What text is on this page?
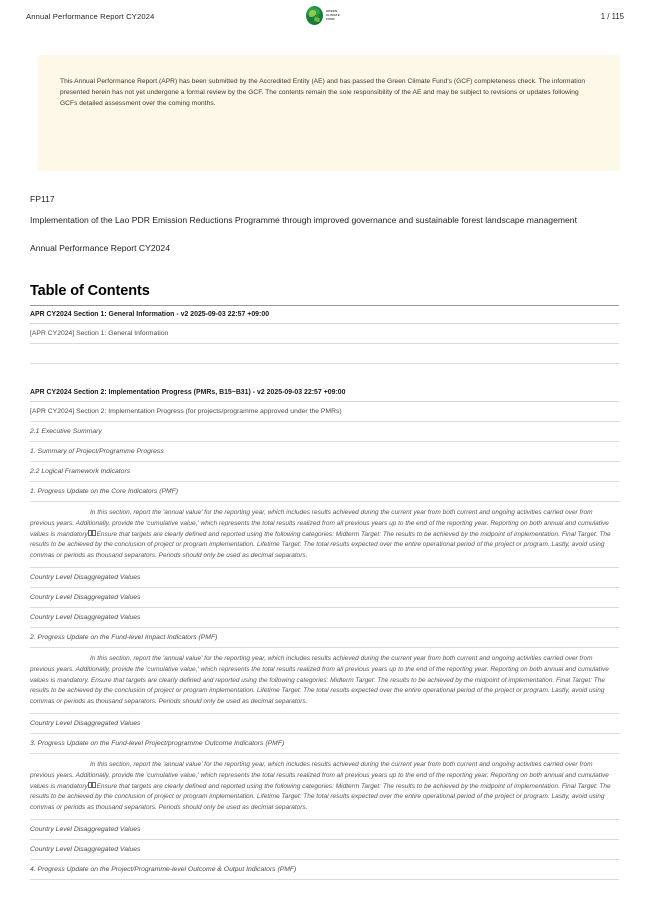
Annual Performance Report CY2024
GREEN
CLIMATE
FUND	1 / 115
This Annual Performance Report (APR) has been submitted by the Accredited Entity (AE) and has passed the Green Climate Fund's (GCF) completeness check. The information presented herein has not yet undergone a formal review by the GCF. The contents remain the sole responsibility of the AE and may be subject to revisions or updates following GCFs detailed assessment over the coming months.
FP117
Implementation of the Lao PDR Emission Reductions Programme through improved governance and sustainable forest landscape management
Annual Performance Report CY2024
Table of Contents
APR CY2024 Section 1: General Information - v2 2025-09-03 22:57 +09:00
[APR CY2024] Section 1: General Information
APR CY2024 Section 2: Implementation Progress (PMRs, B15~B31) - v2 2025-09-03 22:57 +09:00
[APR CY2024] Section 2: Implementation Progress (for projects/programme approved under the PMRs)
2.1 Executive Summary
1. Summary of Project/Programme Progress
2.2 Logical Framework Indicators
1. Progress Update on the Core Indicators (PMF)
In this section, report the 'annual value' for the reporting year, which includes results achieved during the current year from both current and ongoing activities carried over from previous years. Additionally, provide the 'cumulative value,' which represents the total results realized from all previous years up to the end of the reporting year. Reporting on both annual and cumulative values is mandatory Ensure that targets are clearly defined and reported using the following categories: Midterm Target: The results to be achieved by the midpoint of implementation. Final Target: The results to be achieved by the conclusion of project or program implementation. Lifetime Target: The total results expected over the entire operational period of the project or program. Lastly, avoid using commas or periods as thousand separators. Periods should only be used as decimal separators.
Country Level Disaggregated Values
Country Level Disaggregated Values
Country Level Disaggregated Values
2. Progress Update on the Fund-level Impact Indicators (PMF)
In this section, report the 'annual value' for the reporting year, which includes results achieved during the current year from both current and ongoing activities carried over from previous years. Additionally, provide the 'cumulative value,' which represents the total results realized from all previous years up to the end of the reporting year. Reporting on both annual and cumulative values is mandatory. Ensure that targets are clearly defined and reported using the following categories: Midterm Target: The results to be achieved by the midpoint of implementation. Final Target: The results to be achieved by the conclusion of project or program implementation. Lifetime Target: The total results expected over the entire operational period of the project or program. Lastly, avoid using commas or periods as thousand separators. Periods should only be used as decimal separators.
Country Level Disaggregated Values
3. Progress Update on the Fund-level Project/programme Outcome Indicators (PMF)
In this section, report the 'annual value' for the reporting year, which includes results achieved during the current year from both current and ongoing activities carried over from previous years. Additionally, provide the 'cumulative value,' which represents the total results realized from all previous years up to the end of the reporting year. Reporting on both annual and cumulative values is mandatory Ensure that targets are clearly defined and reported using the following categories: Midterm Target: The results to be achieved by the midpoint of implementation. Final Target: The results to be achieved by the conclusion of project or program implementation. Lifetime Target: The total results expected over the entire operational period of the project or program. Lastly, avoid using commas or periods as thousand separators. Periods should only be used as decimal separators.
Country Level Disaggregated Values
Country Level Disaggregated Values
4. Progress Update on the Project/Programme-level Outcome & Output Indicators (PMF)
